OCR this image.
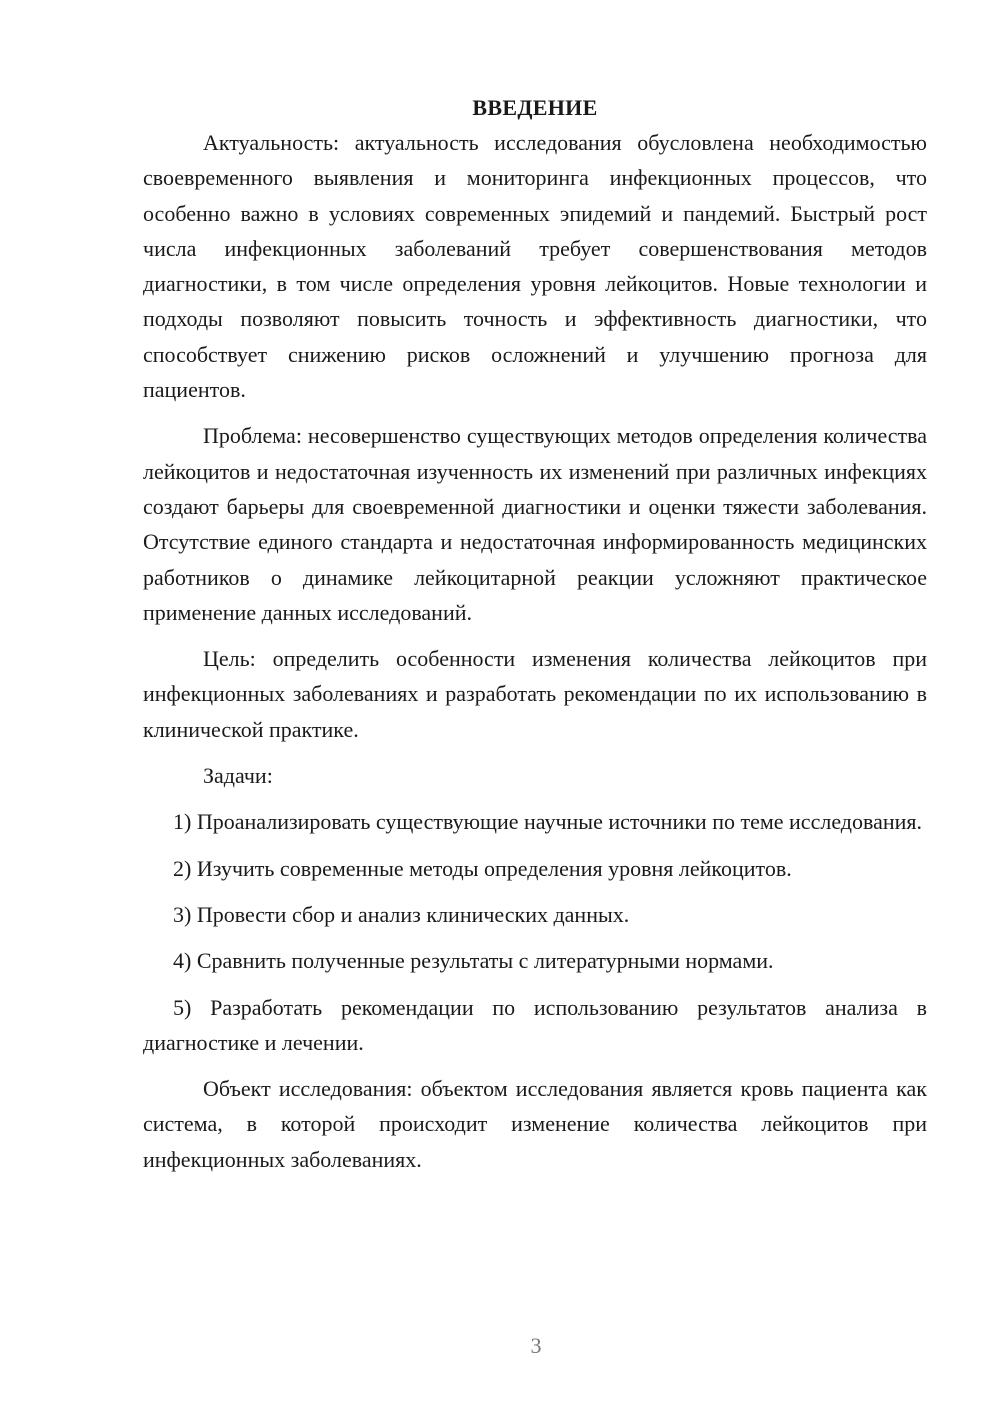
ВВЕДЕНИЕ

Актуальность: актуальность исследования обусловлена необходимостью своевременного выявления и мониторинга инфекционных процессов, что особенно важно в условиях современных эпидемий и пандемий. Быстрый рост числа инфекционных заболеваний требует совершенствования методов диагностики, в том числе определения уровня лейкоцитов. Новые технологии и подходы позволяют повысить точность и эффективность диагностики, что способствует снижению рисков осложнений и улучшению прогноза для пациентов.

Проблема: несовершенство существующих методов определения количества лейкоцитов и недостаточная изученность их изменений при различных инфекциях создают барьеры для своевременной диагностики и оценки тяжести заболевания. Отсутствие единого стандарта и недостаточная информированность медицинских работников о динамике лейкоцитарной реакции усложняют практическое применение данных исследований.

Цель: определить особенности изменения количества лейкоцитов при инфекционных заболеваниях и разработать рекомендации по их использованию в клинической практике.

Задачи:

1) Проанализировать существующие научные источники по теме исследования.

2) Изучить современные методы определения уровня лейкоцитов.

3) Провести сбор и анализ клинических данных.

4) Сравнить полученные результаты с литературными нормами.

5) Разработать рекомендации по использованию результатов анализа в диагностике и лечении.

Объект исследования: объектом исследования является кровь пациента как система, в которой происходит изменение количества лейкоцитов при инфекционных заболеваниях.

3
